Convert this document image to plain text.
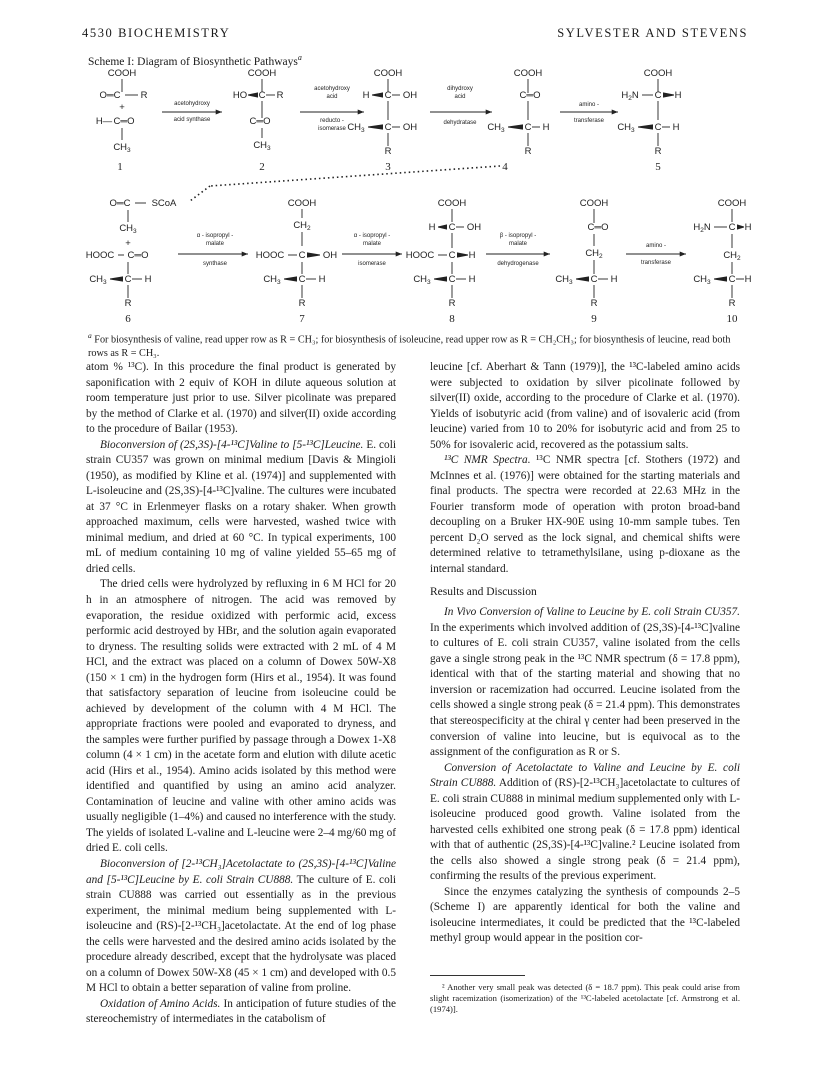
4530 BIOCHEMISTRY	SYLVESTER AND STEVENS
Scheme I: Diagram of Biosynthetic Pathways$^a$
COOH
O═C R
+
H— C═O
$CH_3$
1
acetohydroxy
acid synthase
COOH
HO C R
C═O
$CH_3$
2
acetohydroxy
acid
reducto -
isomerase
COOH
H C OH
$CH_3$ C OH
R
3
dihydroxy
acid
dehydratase
COOH
C═O
$CH_3$ C H
R
4
amino -
transferase
COOH
$H_2N$ C H
$CH_3$ C H
R
5
O═C SCoA
$CH_3$
+
HOOC C═O
$CH_3$ C H
R
6
α - isopropyl -
malate
synthase
COOH
$CH_2$
HOOC C OH
$CH_3$ C H
R
7
α - isopropyl -
malate
isomerase
COOH
H C OH
HOOC C H
$CH_3$ C H
R
8
β - isopropyl -
malate
dehydrogenase
COOH
C═O
$CH_2$
$CH_3$ C H
R
9
amino -
transferase
COOH
$H_2N$ C H
$CH_2$
$CH_3$ C H
R
10
$^a$ For biosynthesis of valine, read upper row as R = CH₃; for biosynthesis of isoleucine, read upper row as R = CH₂CH₃; for biosynthesis of leucine, read both rows as R = CH₃.

atom % ¹³C). In this procedure the final product is generated by saponification with 2 equiv of KOH in dilute aqueous solution at room temperature just prior to use. Silver picolinate was prepared by the method of Clarke et al. (1970) and silver(II) oxide according to the procedure of Bailar (1953).

Bioconversion of (2S,3S)-[4-¹³C]Valine to [5-¹³C]Leucine. E. coli strain CU357 was grown on minimal medium [Davis & Mingioli (1950), as modified by Kline et al. (1974)] and supplemented with L-isoleucine and (2S,3S)-[4-¹³C]valine. The cultures were incubated at 37 °C in Erlenmeyer flasks on a rotary shaker. When growth approached maximum, cells were harvested, washed twice with minimal medium, and dried at 60 °C. In typical experiments, 100 mL of medium containing 10 mg of valine yielded 55–65 mg of dried cells.

The dried cells were hydrolyzed by refluxing in 6 M HCl for 20 h in an atmosphere of nitrogen. The acid was removed by evaporation, the residue oxidized with performic acid, excess performic acid destroyed by HBr, and the solution again evaporated to dryness. The resulting solids were extracted with 2 mL of 4 M HCl, and the extract was placed on a column of Dowex 50W-X8 (150 × 1 cm) in the hydrogen form (Hirs et al., 1954). It was found that satisfactory separation of leucine from isoleucine could be achieved by development of the column with 4 M HCl. The appropriate fractions were pooled and evaporated to dryness, and the samples were further purified by passage through a Dowex 1-X8 column (4 × 1 cm) in the acetate form and elution with dilute acetic acid (Hirs et al., 1954). Amino acids isolated by this method were identified and quantified by using an amino acid analyzer. Contamination of leucine and valine with other amino acids was usually negligible (1–4%) and caused no interference with the study. The yields of isolated L-valine and L-leucine were 2–4 mg/60 mg of dried E. coli cells.

Bioconversion of [2-¹³CH₃]Acetolactate to (2S,3S)-[4-¹³C]Valine and [5-¹³C]Leucine by E. coli Strain CU888. The culture of E. coli strain CU888 was carried out essentially as in the previous experiment, the minimal medium being supplemented with L-isoleucine and (RS)-[2-¹³CH₃]acetolactate. At the end of log phase the cells were harvested and the desired amino acids isolated by the procedure already described, except that the hydrolysate was placed on a column of Dowex 50W-X8 (45 × 1 cm) and developed with 0.5 M HCl to obtain a better separation of valine from proline.

Oxidation of Amino Acids. In anticipation of future studies of the stereochemistry of intermediates in the catabolism of

leucine [cf. Aberhart & Tann (1979)], the ¹³C-labeled amino acids were subjected to oxidation by silver picolinate followed by silver(II) oxide, according to the procedure of Clarke et al. (1970). Yields of isobutyric acid (from valine) and of isovaleric acid (from leucine) varied from 10 to 20% for isobutyric acid and from 25 to 50% for isovaleric acid, recovered as the potassium salts.

¹³C NMR Spectra. ¹³C NMR spectra [cf. Stothers (1972) and McInnes et al. (1976)] were obtained for the starting materials and final products. The spectra were recorded at 22.63 MHz in the Fourier transform mode of operation with proton broad-band decoupling on a Bruker HX-90E using 10-mm sample tubes. Ten percent D₂O served as the lock signal, and chemical shifts were determined relative to tetramethylsilane, using p-dioxane as the internal standard.

Results and Discussion

In Vivo Conversion of Valine to Leucine by E. coli Strain CU357. In the experiments which involved addition of (2S,3S)-[4-¹³C]valine to cultures of E. coli strain CU357, valine isolated from the cells gave a single strong peak in the ¹³C NMR spectrum (δ = 17.8 ppm), identical with that of the starting material and showing that no inversion or racemization had occurred. Leucine isolated from the cells showed a single strong peak (δ = 21.4 ppm). This demonstrates that stereospecificity at the chiral γ center had been preserved in the conversion of valine into leucine, but is equivocal as to the assignment of the configuration as R or S.

Conversion of Acetolactate to Valine and Leucine by E. coli Strain CU888. Addition of (RS)-[2-¹³CH₃]acetolactate to cultures of E. coli strain CU888 in minimal medium supplemented only with L-isoleucine produced good growth. Valine isolated from the harvested cells exhibited one strong peak (δ = 17.8 ppm) identical with that of authentic (2S,3S)-[4-¹³C]valine.² Leucine isolated from the cells also showed a single strong peak (δ = 21.4 ppm), confirming the results of the previous experiment.

Since the enzymes catalyzing the synthesis of compounds 2–5 (Scheme I) are apparently identical for both the valine and isoleucine intermediates, it could be predicted that the ¹³C-labeled methyl group would appear in the position cor-

² Another very small peak was detected (δ = 18.7 ppm). This peak could arise from slight racemization (isomerization) of the ¹³C-labeled acetolactate [cf. Armstrong et al. (1974)].
